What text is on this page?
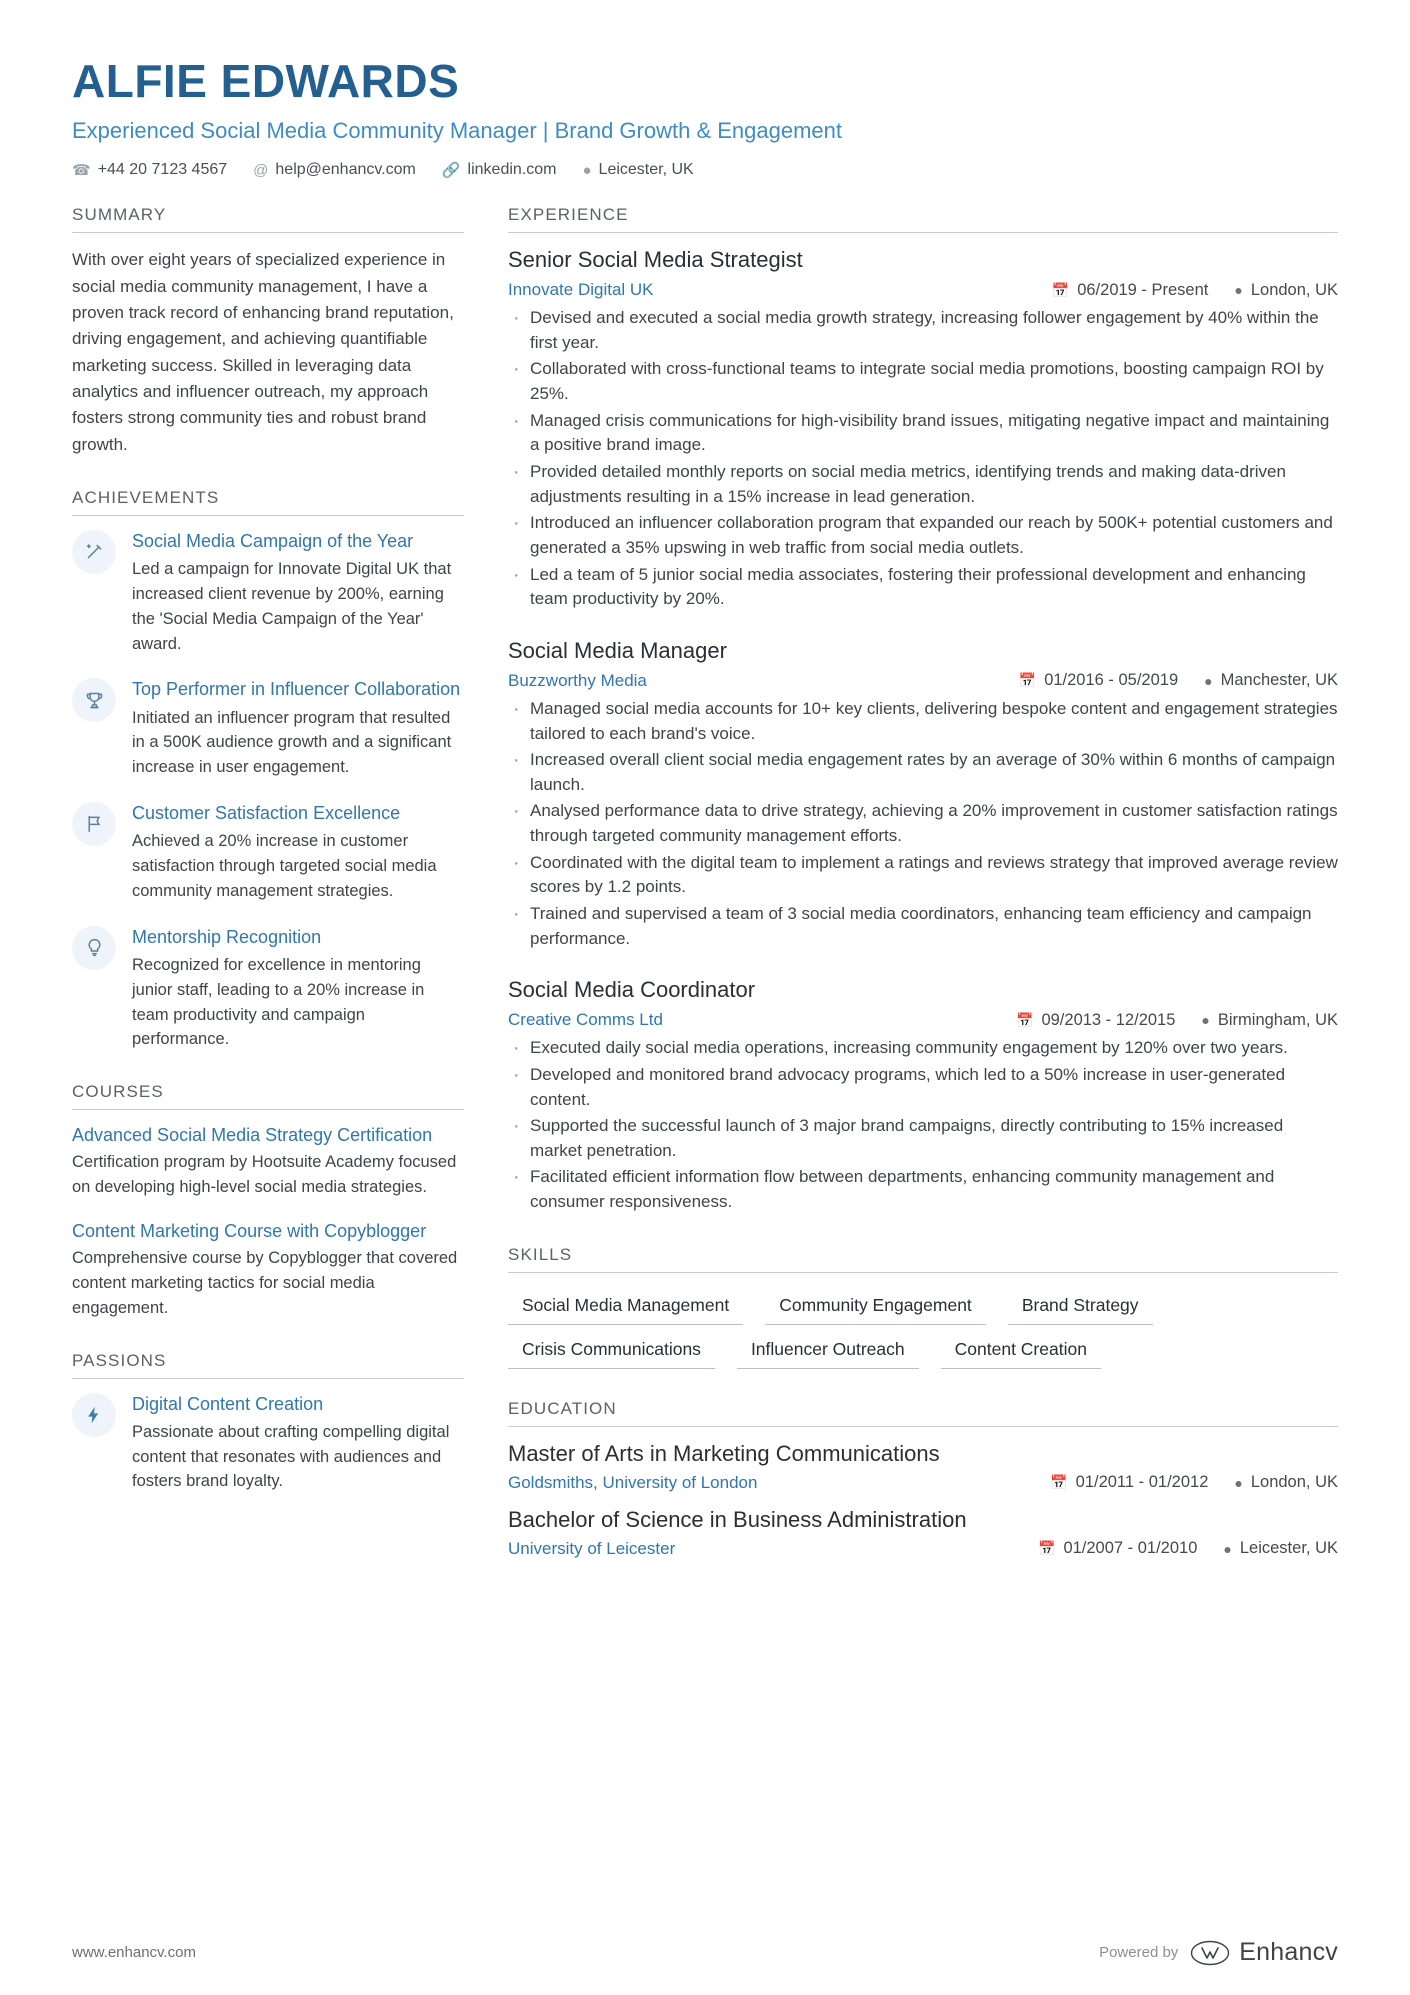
ALFIE EDWARDS
Experienced Social Media Community Manager | Brand Growth & Engagement
☎ +44 20 7123 4567 @ help@enhancv.com 🔗 linkedin.com ● Leicester, UK
SUMMARY
With over eight years of specialized experience in social media community management, I have a proven track record of enhancing brand reputation, driving engagement, and achieving quantifiable marketing success. Skilled in leveraging data analytics and influencer outreach, my approach fosters strong community ties and robust brand growth.
ACHIEVEMENTS
Social Media Campaign of the Year
Led a campaign for Innovate Digital UK that increased client revenue by 200%, earning the 'Social Media Campaign of the Year' award.
Top Performer in Influencer Collaboration
Initiated an influencer program that resulted in a 500K audience growth and a significant increase in user engagement.
Customer Satisfaction Excellence
Achieved a 20% increase in customer satisfaction through targeted social media community management strategies.
Mentorship Recognition
Recognized for excellence in mentoring junior staff, leading to a 20% increase in team productivity and campaign performance.
COURSES
Advanced Social Media Strategy Certification
Certification program by Hootsuite Academy focused on developing high-level social media strategies.
Content Marketing Course with Copyblogger
Comprehensive course by Copyblogger that covered content marketing tactics for social media engagement.
PASSIONS
Digital Content Creation
Passionate about crafting compelling digital content that resonates with audiences and fosters brand loyalty.
EXPERIENCE
Senior Social Media Strategist
Innovate Digital UK	📅 06/2019 - Present ● London, UK
· Devised and executed a social media growth strategy, increasing follower engagement by 40% within the first year.
· Collaborated with cross-functional teams to integrate social media promotions, boosting campaign ROI by 25%.
· Managed crisis communications for high-visibility brand issues, mitigating negative impact and maintaining a positive brand image.
· Provided detailed monthly reports on social media metrics, identifying trends and making data-driven adjustments resulting in a 15% increase in lead generation.
· Introduced an influencer collaboration program that expanded our reach by 500K+ potential customers and generated a 35% upswing in web traffic from social media outlets.
· Led a team of 5 junior social media associates, fostering their professional development and enhancing team productivity by 20%.
Social Media Manager
Buzzworthy Media	📅 01/2016 - 05/2019 ● Manchester, UK
· Managed social media accounts for 10+ key clients, delivering bespoke content and engagement strategies tailored to each brand's voice.
· Increased overall client social media engagement rates by an average of 30% within 6 months of campaign launch.
· Analysed performance data to drive strategy, achieving a 20% improvement in customer satisfaction ratings through targeted community management efforts.
· Coordinated with the digital team to implement a ratings and reviews strategy that improved average review scores by 1.2 points.
· Trained and supervised a team of 3 social media coordinators, enhancing team efficiency and campaign performance.
Social Media Coordinator
Creative Comms Ltd	📅 09/2013 - 12/2015 ● Birmingham, UK
· Executed daily social media operations, increasing community engagement by 120% over two years.
· Developed and monitored brand advocacy programs, which led to a 50% increase in user-generated content.
· Supported the successful launch of 3 major brand campaigns, directly contributing to 15% increased market penetration.
· Facilitated efficient information flow between departments, enhancing community management and consumer responsiveness.
SKILLS
Social Media Management	Community Engagement	Brand Strategy
Crisis Communications	Influencer Outreach	Content Creation
EDUCATION
Master of Arts in Marketing Communications
Goldsmiths, University of London	📅 01/2011 - 01/2012 ● London, UK
Bachelor of Science in Business Administration
University of Leicester	📅 01/2007 - 01/2010 ● Leicester, UK
www.enhancv.com	Powered by Enhancv
